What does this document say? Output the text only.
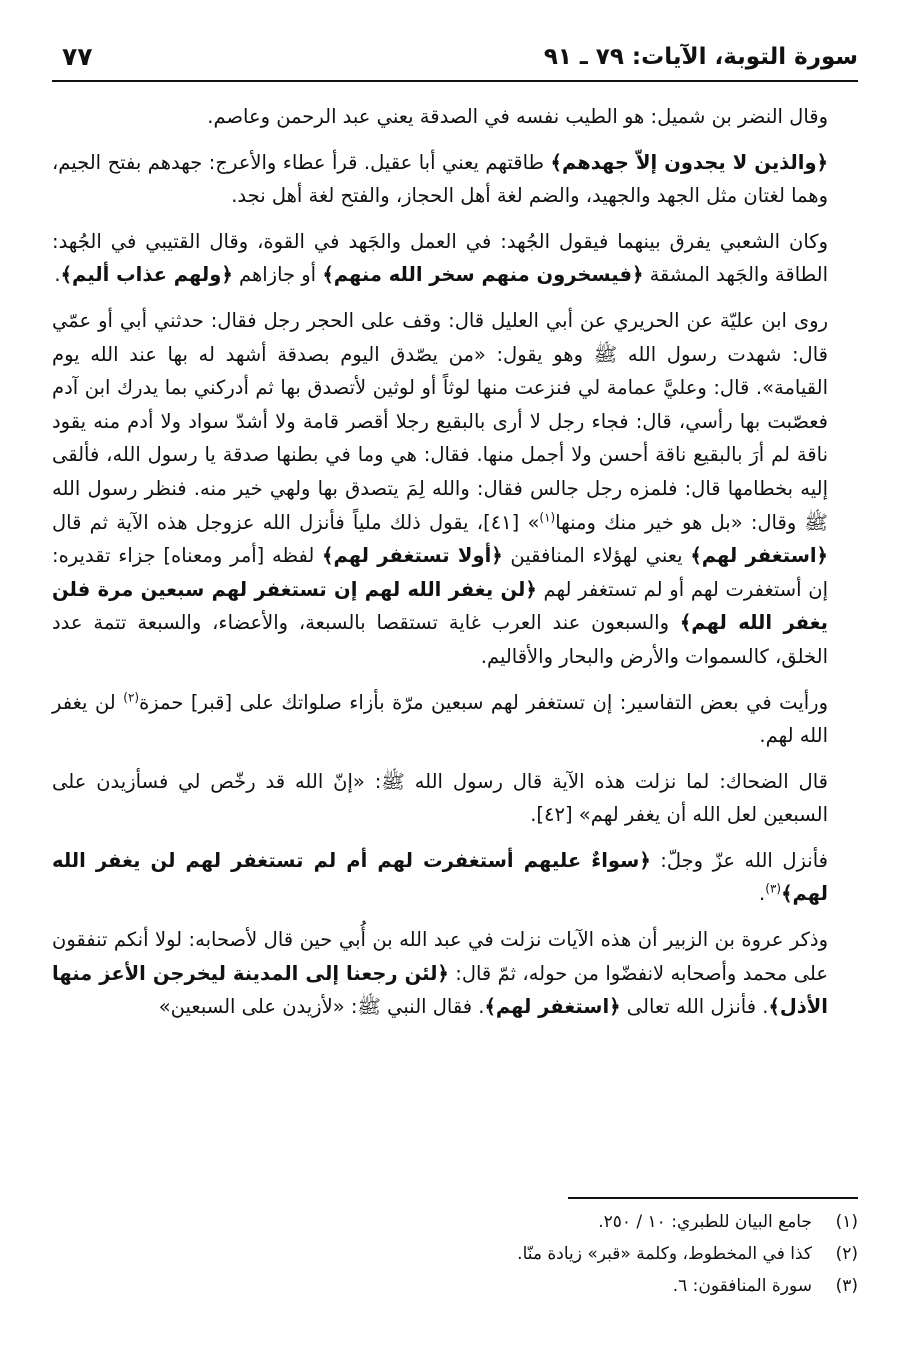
سورة التوبة، الآيات: ٧٩ ـ ٩١
٧٧

وقال النضر بن شميل: هو الطيب نفسه في الصدقة يعني عبد الرحمن وعاصم.

﴿والذين لا يجدون إلاّ جهدهم﴾ طاقتهم يعني أبا عقيل. قرأ عطاء والأعرج: جهدهم بفتح الجيم، وهما لغتان مثل الجهد والجهيد، والضم لغة أهل الحجاز، والفتح لغة أهل نجد.

وكان الشعبي يفرق بينهما فيقول الجُهد: في العمل والجَهد في القوة، وقال القتيبي في الجُهد: الطاقة والجَهد المشقة ﴿فيسخرون منهم سخر الله منهم﴾ أو جازاهم ﴿ولهم عذاب أليم﴾.

روى ابن عليّة عن الحريري عن أبي العليل قال: وقف على الحجر رجل فقال: حدثني أبي أو عمّي قال: شهدت رسول الله ﷺ وهو يقول: «من يصّدق اليوم بصدقة أشهد له بها عند الله يوم القيامة». قال: وعليَّ عمامة لي فنزعت منها لوثاً أو لوثين لأتصدق بها ثم أدركني بما يدرك ابن آدم فعصّبت بها رأسي، قال: فجاء رجل لا أرى بالبقيع رجلا أقصر قامة ولا أشدّ سواد ولا أدم منه يقود ناقة لم أرَ بالبقيع ناقة أحسن ولا أجمل منها. فقال: هي وما في بطنها صدقة يا رسول الله، فألقى إليه بخطامها قال: فلمزه رجل جالس فقال: والله لِمَ يتصدق بها ولهي خير منه. فنظر رسول الله ﷺ وقال: «بل هو خير منك ومنها$^{(١)}$» [٤١]، يقول ذلك ملياً فأنزل الله عزوجل هذه الآية ثم قال ﴿استغفر لهم﴾ يعني لهؤلاء المنافقين ﴿أولا تستغفر لهم﴾ لفظه [أمر ومعناه] جزاء تقديره: إن أستغفرت لهم أو لم تستغفر لهم ﴿لن يغفر الله لهم إن تستغفر لهم سبعين مرة فلن يغفر الله لهم﴾ والسبعون عند العرب غاية تستقصا بالسبعة، والأعضاء، والسبعة تتمة عدد الخلق، كالسموات والأرض والبحار والأقاليم.

ورأيت في بعض التفاسير: إن تستغفر لهم سبعين مرّة بأزاء صلواتك على [قبر] حمزة$^{(٢)}$ لن يغفر الله لهم.

قال الضحاك: لما نزلت هذه الآية قال رسول الله ﷺ: «إنّ الله قد رخّص لي فسأزيدن على السبعين لعل الله أن يغفر لهم» [٤٢].

فأنزل الله عزّ وجلّ: ﴿سواءٌ عليهم أستغفرت لهم أم لم تستغفر لهم لن يغفر الله لهم﴾$^{(٣)}$.

وذكر عروة بن الزبير أن هذه الآيات نزلت في عبد الله بن أُبي حين قال لأصحابه: لولا أنكم تنفقون على محمد وأصحابه لانفضّوا من حوله، ثمّ قال: ﴿لئن رجعنا إلى المدينة ليخرجن الأعز منها الأذل﴾. فأنزل الله تعالى ﴿استغفر لهم﴾. فقال النبي ﷺ: «لأزيدن على السبعين»

(١)
جامع البيان للطبري: ١٠ / ٢٥٠.
(٢)
كذا في المخطوط، وكلمة «قبر» زيادة منّا.
(٣)
سورة المنافقون: ٦.
